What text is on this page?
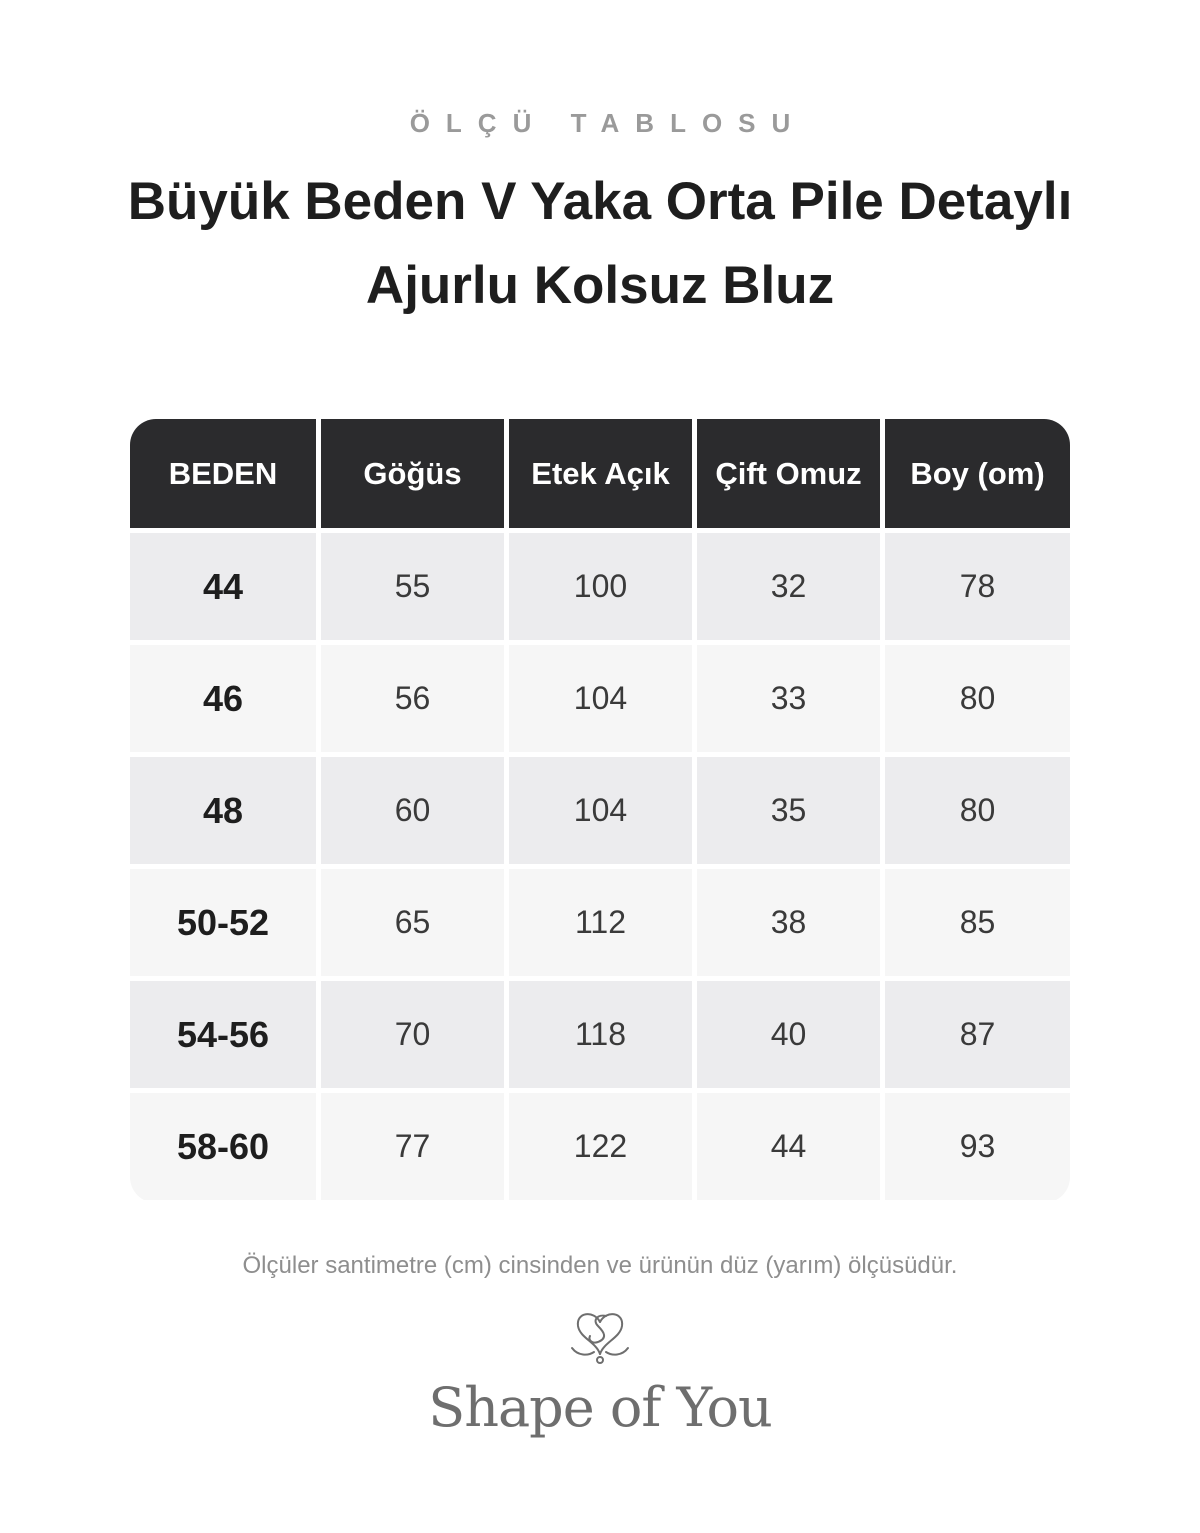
ÖLÇÜ TABLOSU
Büyük Beden V Yaka Orta Pile Detaylı
Ajurlu Kolsuz Bluz
BEDEN	Göğüs	Etek Açık	Çift Omuz	Boy (om)
44	55	100	32	78
46	56	104	33	80
48	60	104	35	80
50-52	65	112	38	85
54-56	70	118	40	87
58-60	77	122	44	93
Ölçüler santimetre (cm) cinsinden ve ürünün düz (yarım) ölçüsüdür.
Shape of You
